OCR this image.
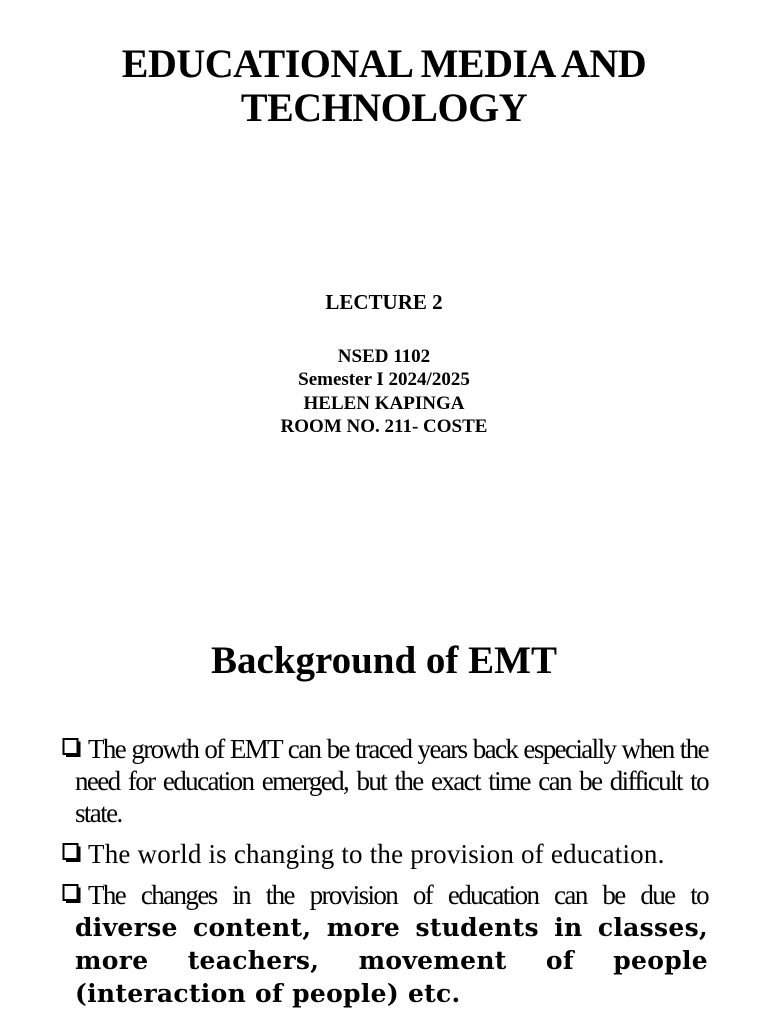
EDUCATIONAL MEDIA AND
TECHNOLOGY
LECTURE 2
NSED 1102
Semester I 2024/2025
HELEN KAPINGA
ROOM NO. 211- COSTE
Background of EMT
The growth of EMT can be traced years back especially when the need for education emerged, but the exact time can be difficult to state.
The world is changing to the provision of education.
The changes in the provision of education can be due to diverse content, more students in classes, more teachers, movement of people (interaction of people) etc.
